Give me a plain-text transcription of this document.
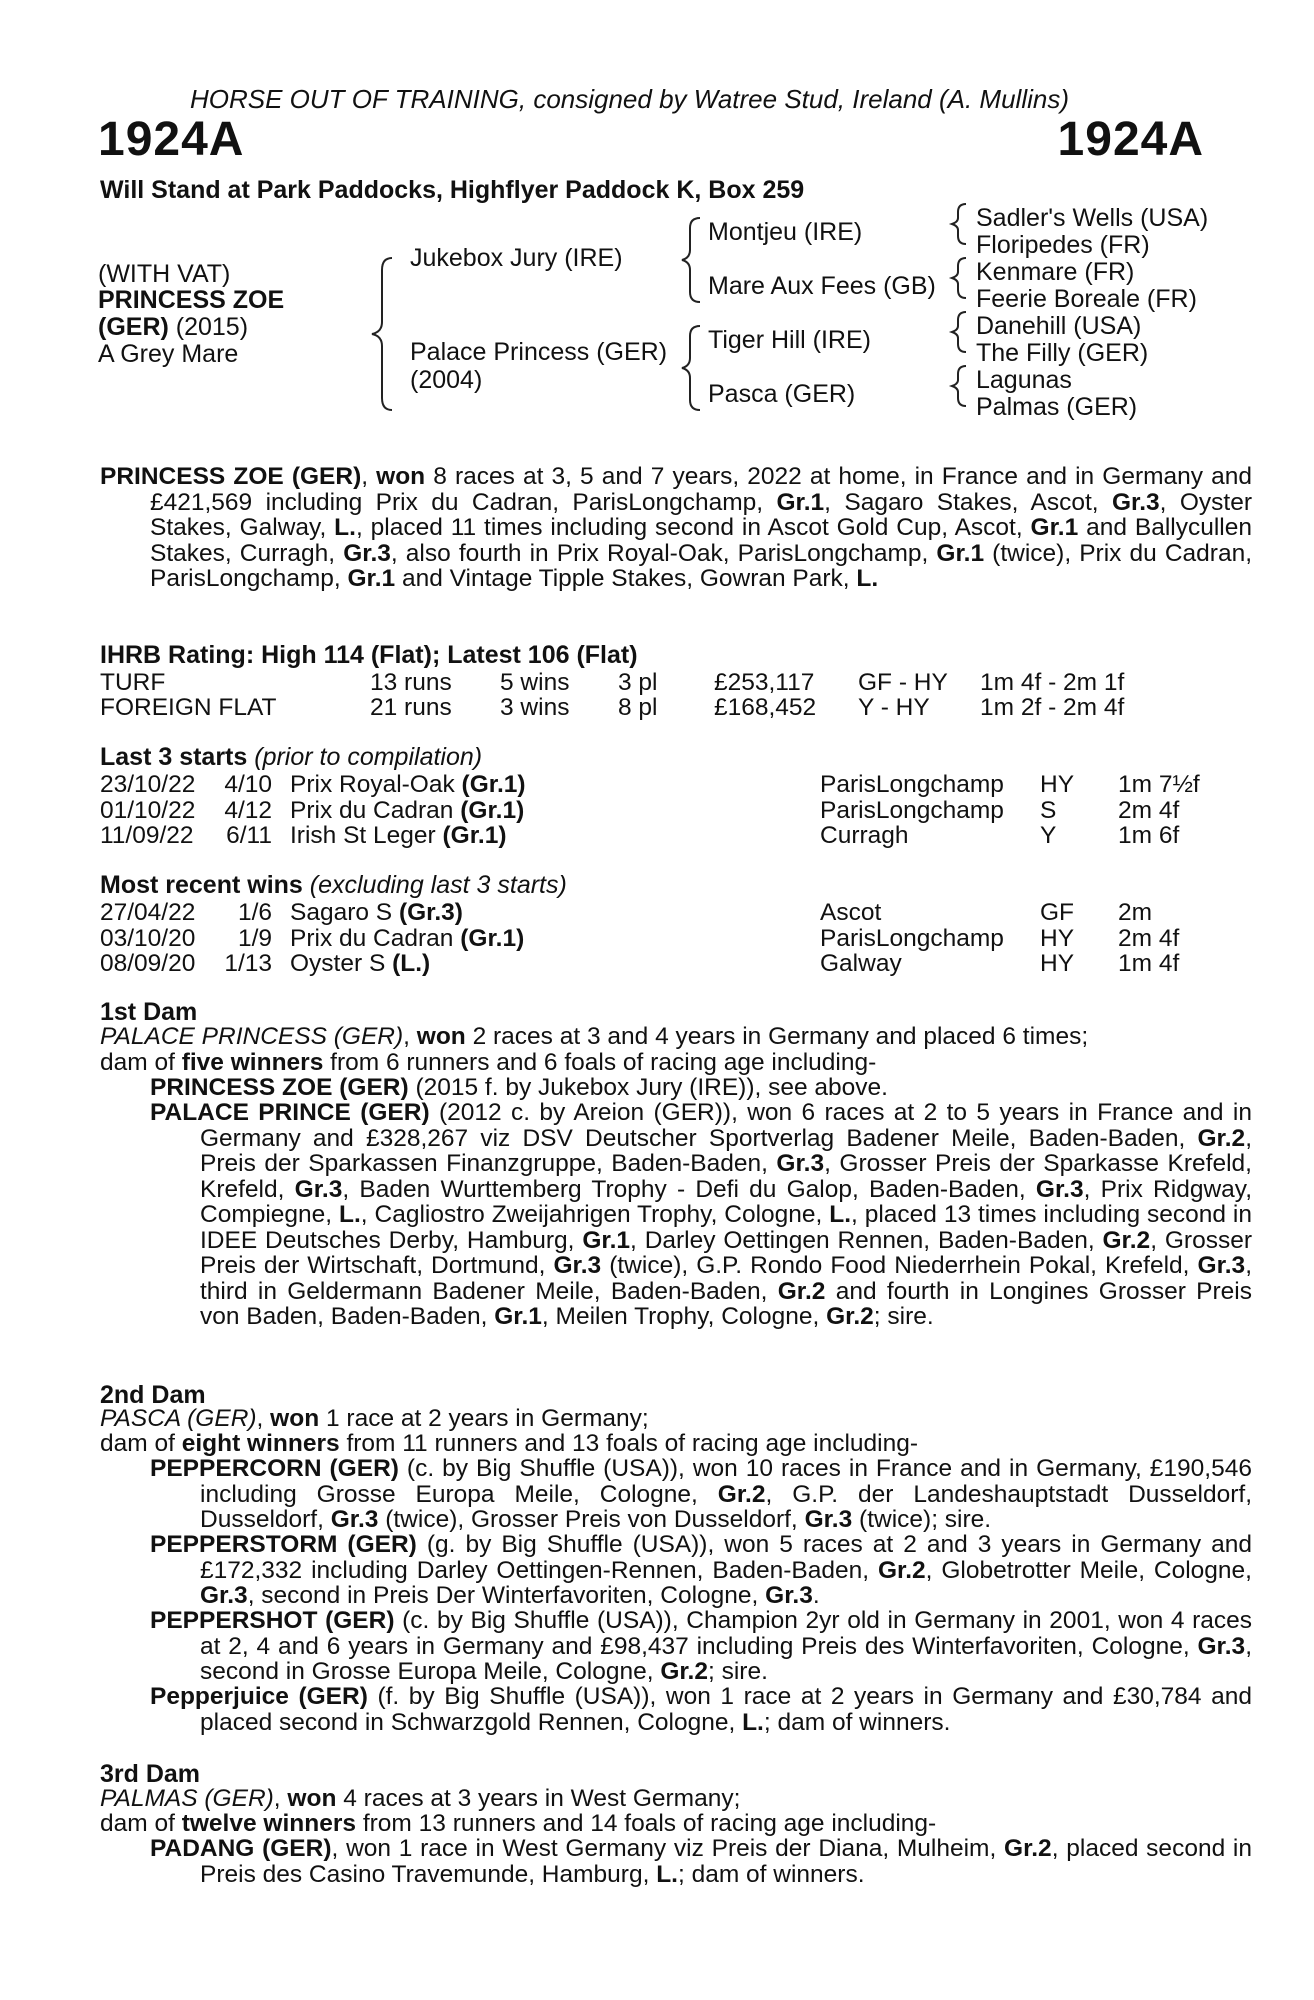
HORSE OUT OF TRAINING, consigned by Watree Stud, Ireland (A. Mullins)
1924A	1924A
Will Stand at Park Paddocks, Highflyer Paddock K, Box 259
(WITH VAT)
PRINCESS ZOE
(GER) (2015)
A Grey Mare
Jukebox Jury (IRE)
Palace Princess (GER)
(2004)
Montjeu (IRE)
Mare Aux Fees (GB)
Tiger Hill (IRE)
Pasca (GER)
Sadler's Wells (USA)
Floripedes (FR)
Kenmare (FR)
Feerie Boreale (FR)
Danehill (USA)
The Filly (GER)
Lagunas
Palmas (GER)
PRINCESS ZOE (GER), won 8 races at 3, 5 and 7 years, 2022 at home, in France and in Germany and £421,569 including Prix du Cadran, ParisLongchamp, Gr.1, Sagaro Stakes, Ascot, Gr.3, Oyster Stakes, Galway, L., placed 11 times including second in Ascot Gold Cup, Ascot, Gr.1 and Ballycullen Stakes, Curragh, Gr.3, also fourth in Prix Royal-Oak, ParisLongchamp, Gr.1 (twice), Prix du Cadran, ParisLongchamp, Gr.1 and Vintage Tipple Stakes, Gowran Park, L.
IHRB Rating: High 114 (Flat); Latest 106 (Flat)
TURF	13 runs 5 wins 3 pl £253,117 GF - HY 1m 4f - 2m 1f
FOREIGN FLAT	21 runs 3 wins 8 pl £168,452 Y - HY 1m 2f - 2m 4f
Last 3 starts (prior to compilation)
23/10/22 4/10 Prix Royal-Oak (Gr.1)	ParisLongchamp HY 1m 7½f
01/10/22 4/12 Prix du Cadran (Gr.1)	ParisLongchamp S	2m 4f
11/09/22 6/11 Irish St Leger (Gr.1)	Curragh	Y	1m 6f
Most recent wins (excluding last 3 starts)
27/04/22	1/6 Sagaro S (Gr.3)	Ascot	GF 2m
03/10/20	1/9 Prix du Cadran (Gr.1)	ParisLongchamp HY 2m 4f
08/09/20 1/13 Oyster S (L.)	Galway	HY 1m 4f
1st Dam
PALACE PRINCESS (GER), won 2 races at 3 and 4 years in Germany and placed 6 times;
dam of five winners from 6 runners and 6 foals of racing age including-
PRINCESS ZOE (GER) (2015 f. by Jukebox Jury (IRE)), see above.
PALACE PRINCE (GER) (2012 c. by Areion (GER)), won 6 races at 2 to 5 years in France and in Germany and £328,267 viz DSV Deutscher Sportverlag Badener Meile, Baden-Baden, Gr.2, Preis der Sparkassen Finanzgruppe, Baden-Baden, Gr.3, Grosser Preis der Sparkasse Krefeld, Krefeld, Gr.3, Baden Wurttemberg Trophy - Defi du Galop, Baden-Baden, Gr.3, Prix Ridgway, Compiegne, L., Cagliostro Zweijahrigen Trophy, Cologne, L., placed 13 times including second in IDEE Deutsches Derby, Hamburg, Gr.1, Darley Oettingen Rennen, Baden-Baden, Gr.2, Grosser Preis der Wirtschaft, Dortmund, Gr.3 (twice), G.P. Rondo Food Niederrhein Pokal, Krefeld, Gr.3, third in Geldermann Badener Meile, Baden-Baden, Gr.2 and fourth in Longines Grosser Preis von Baden, Baden-Baden, Gr.1, Meilen Trophy, Cologne, Gr.2; sire.
2nd Dam
PASCA (GER), won 1 race at 2 years in Germany;
dam of eight winners from 11 runners and 13 foals of racing age including-
PEPPERCORN (GER) (c. by Big Shuffle (USA)), won 10 races in France and in Germany, £190,546 including Grosse Europa Meile, Cologne, Gr.2, G.P. der Landeshauptstadt Dusseldorf, Dusseldorf, Gr.3 (twice), Grosser Preis von Dusseldorf, Gr.3 (twice); sire.
PEPPERSTORM (GER) (g. by Big Shuffle (USA)), won 5 races at 2 and 3 years in Germany and £172,332 including Darley Oettingen-Rennen, Baden-Baden, Gr.2, Globetrotter Meile, Cologne, Gr.3, second in Preis Der Winterfavoriten, Cologne, Gr.3.
PEPPERSHOT (GER) (c. by Big Shuffle (USA)), Champion 2yr old in Germany in 2001, won 4 races at 2, 4 and 6 years in Germany and £98,437 including Preis des Winterfavoriten, Cologne, Gr.3, second in Grosse Europa Meile, Cologne, Gr.2; sire.
Pepperjuice (GER) (f. by Big Shuffle (USA)), won 1 race at 2 years in Germany and £30,784 and placed second in Schwarzgold Rennen, Cologne, L.; dam of winners.
3rd Dam
PALMAS (GER), won 4 races at 3 years in West Germany;
dam of twelve winners from 13 runners and 14 foals of racing age including-
PADANG (GER), won 1 race in West Germany viz Preis der Diana, Mulheim, Gr.2, placed second in Preis des Casino Travemunde, Hamburg, L.; dam of winners.
